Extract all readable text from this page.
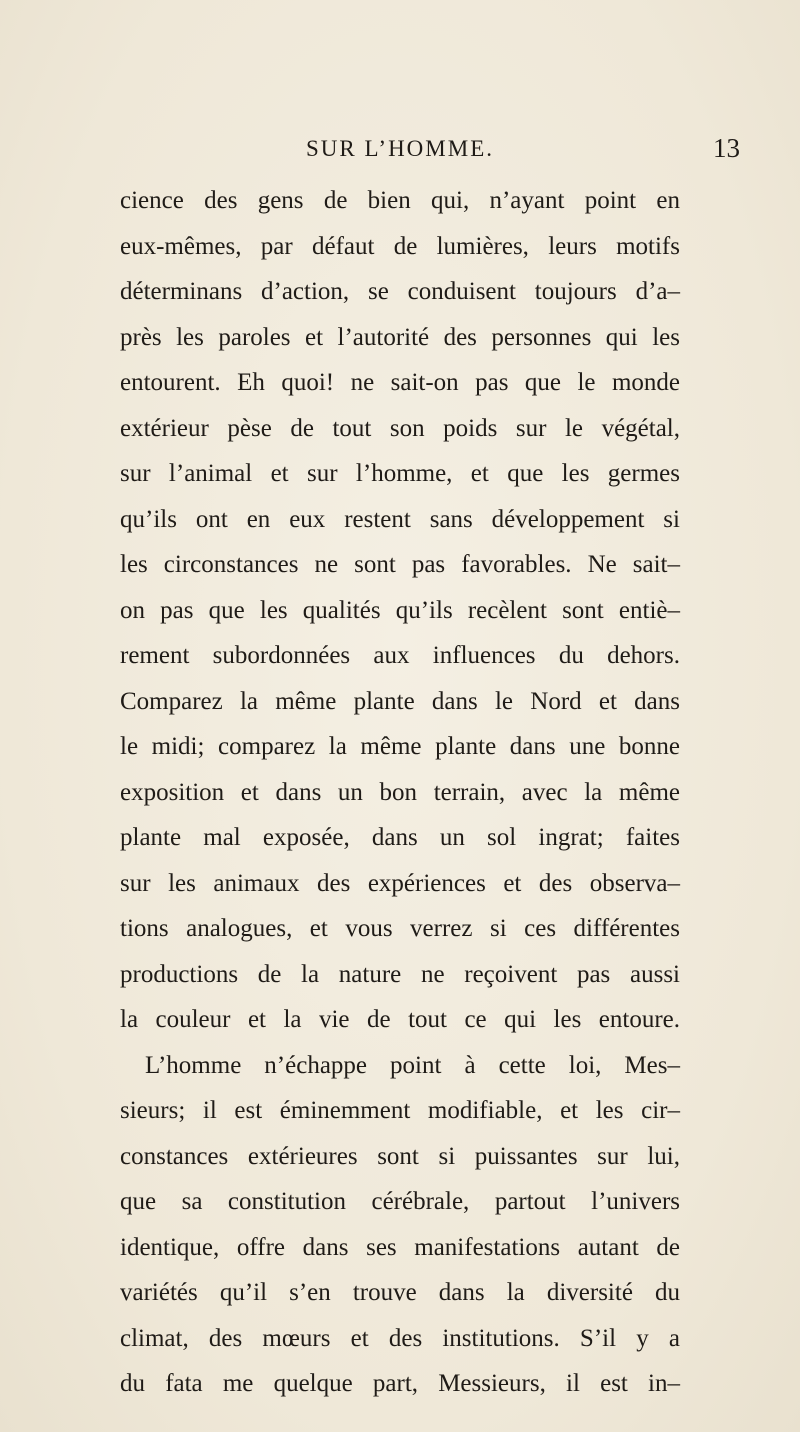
SUR L’HOMME.	13
cience des gens de bien qui, n’ayant point en
eux-mêmes, par défaut de lumières, leurs motifs
déterminans d’action, se conduisent toujours d’a–
près les paroles et l’autorité des personnes qui les
entourent. Eh quoi! ne sait-on pas que le monde
extérieur pèse de tout son poids sur le végétal,
sur l’animal et sur l’homme, et que les germes
qu’ils ont en eux restent sans développement si
les circonstances ne sont pas favorables. Ne sait–
on pas que les qualités qu’ils recèlent sont entiè–
rement subordonnées aux influences du dehors.
Comparez la même plante dans le Nord et dans
le midi; comparez la même plante dans une bonne
exposition et dans un bon terrain, avec la même
plante mal exposée, dans un sol ingrat; faites
sur les animaux des expériences et des observa–
tions analogues, et vous verrez si ces différentes
productions de la nature ne reçoivent pas aussi
la couleur et la vie de tout ce qui les entoure.
L’homme n’échappe point à cette loi, Mes–
sieurs; il est éminemment modifiable, et les cir–
constances extérieures sont si puissantes sur lui,
que sa constitution cérébrale, partout l’univers
identique, offre dans ses manifestations autant de
variétés qu’il s’en trouve dans la diversité du
climat, des mœurs et des institutions. S’il y a
du fata me quelque part, Messieurs, il est in–
